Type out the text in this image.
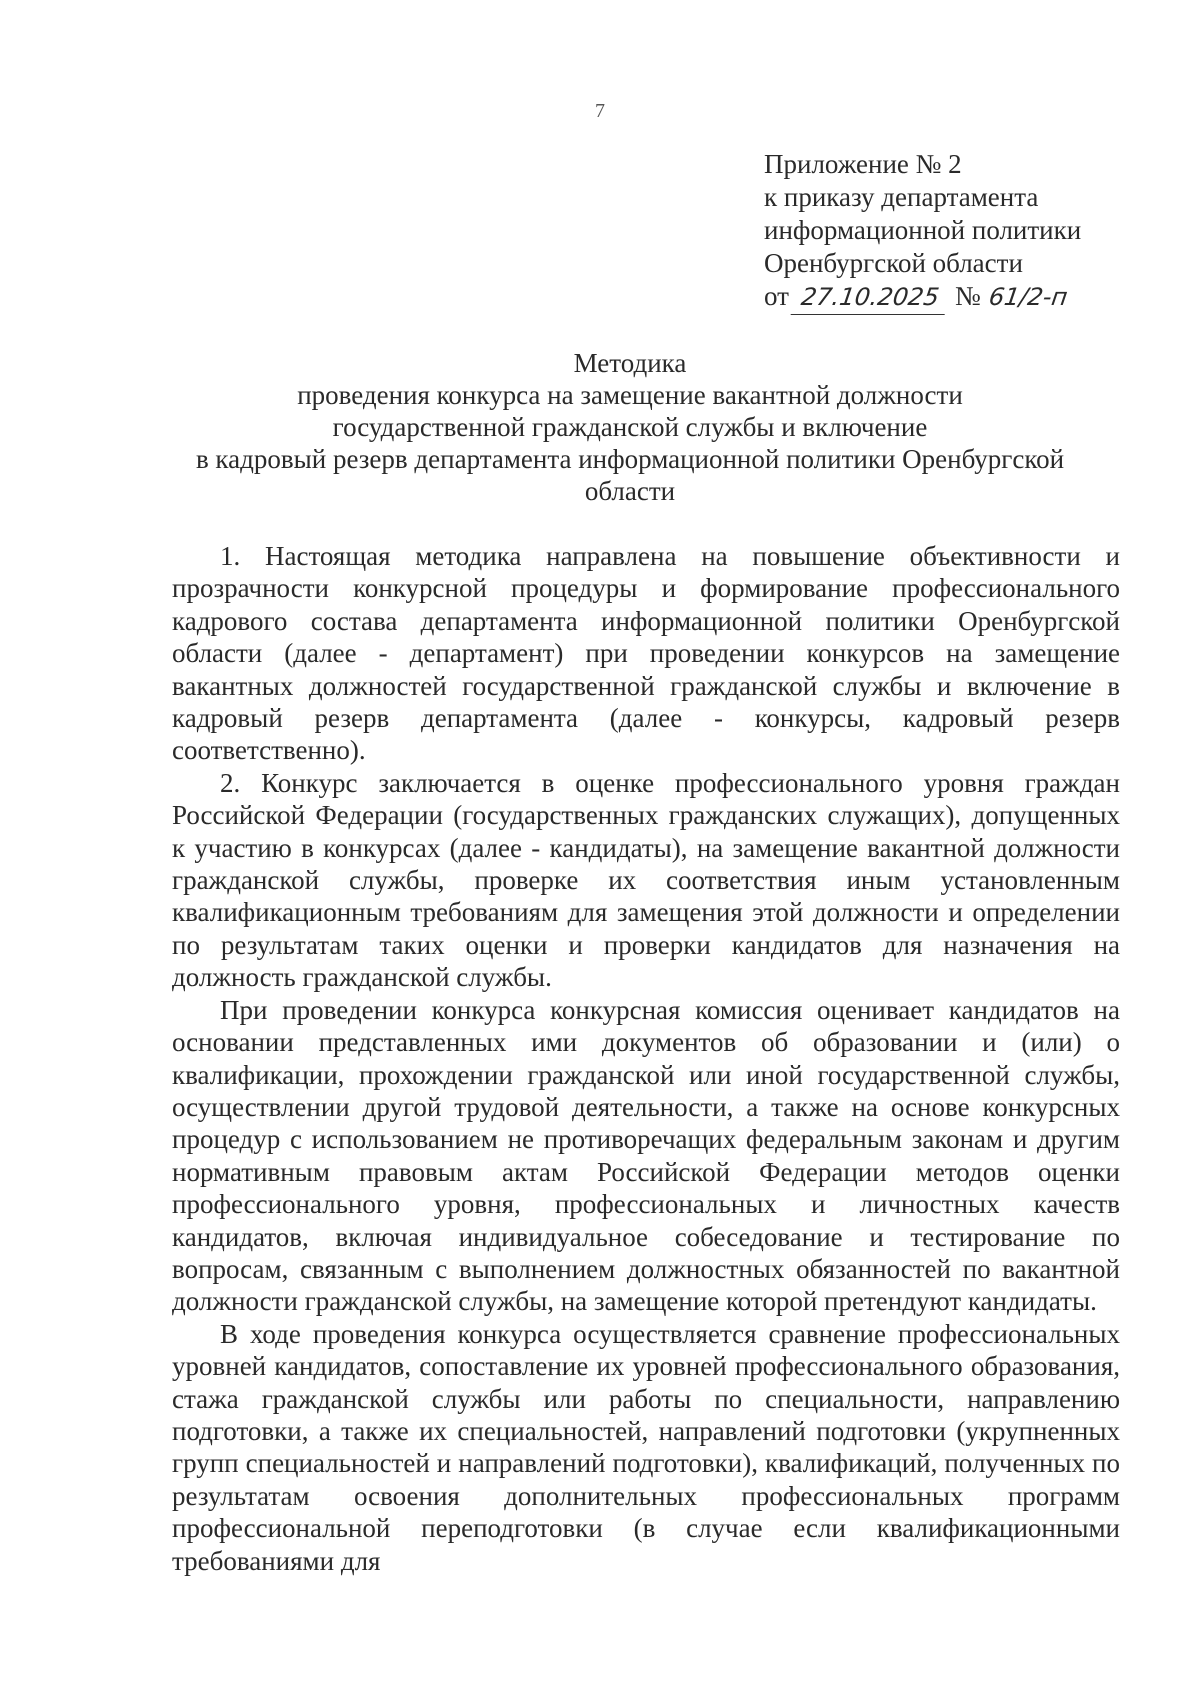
7
Приложение № 2
к приказу департамента
информационной политики
Оренбургской области
от 27.10.2025 № 61/2-п
Методика
проведения конкурса на замещение вакантной должности
государственной гражданской службы и включение
в кадровый резерв департамента информационной политики Оренбургской
области

1. Настоящая методика направлена на повышение объективности и прозрачности конкурсной процедуры и формирование профессионального кадрового состава департамента информационной политики Оренбургской области (далее - департамент) при проведении конкурсов на замещение вакантных должностей государственной гражданской службы и включение в кадровый резерв департамента (далее - конкурсы, кадровый резерв соответственно).

2. Конкурс заключается в оценке профессионального уровня граждан Российской Федерации (государственных гражданских служащих), допущенных к участию в конкурсах (далее - кандидаты), на замещение вакантной должности гражданской службы, проверке их соответствия иным установленным квалификационным требованиям для замещения этой должности и определении по результатам таких оценки и проверки кандидатов для назначения на должность гражданской службы.

При проведении конкурса конкурсная комиссия оценивает кандидатов на основании представленных ими документов об образовании и (или) о квалификации, прохождении гражданской или иной государственной службы, осуществлении другой трудовой деятельности, а также на основе конкурсных процедур с использованием не противоречащих федеральным законам и другим нормативным правовым актам Российской Федерации методов оценки профессионального уровня, профессиональных и личностных качеств кандидатов, включая индивидуальное собеседование и тестирование по вопросам, связанным с выполнением должностных обязанностей по вакантной должности гражданской службы, на замещение которой претендуют кандидаты.

В ходе проведения конкурса осуществляется сравнение профессиональных уровней кандидатов, сопоставление их уровней профессионального образования, стажа гражданской службы или работы по специальности, направлению подготовки, а также их специальностей, направлений подготовки (укрупненных групп специальностей и направлений подготовки), квалификаций, полученных по результатам освоения дополнительных профессиональных программ профессиональной переподготовки (в случае если квалификационными требованиями для
